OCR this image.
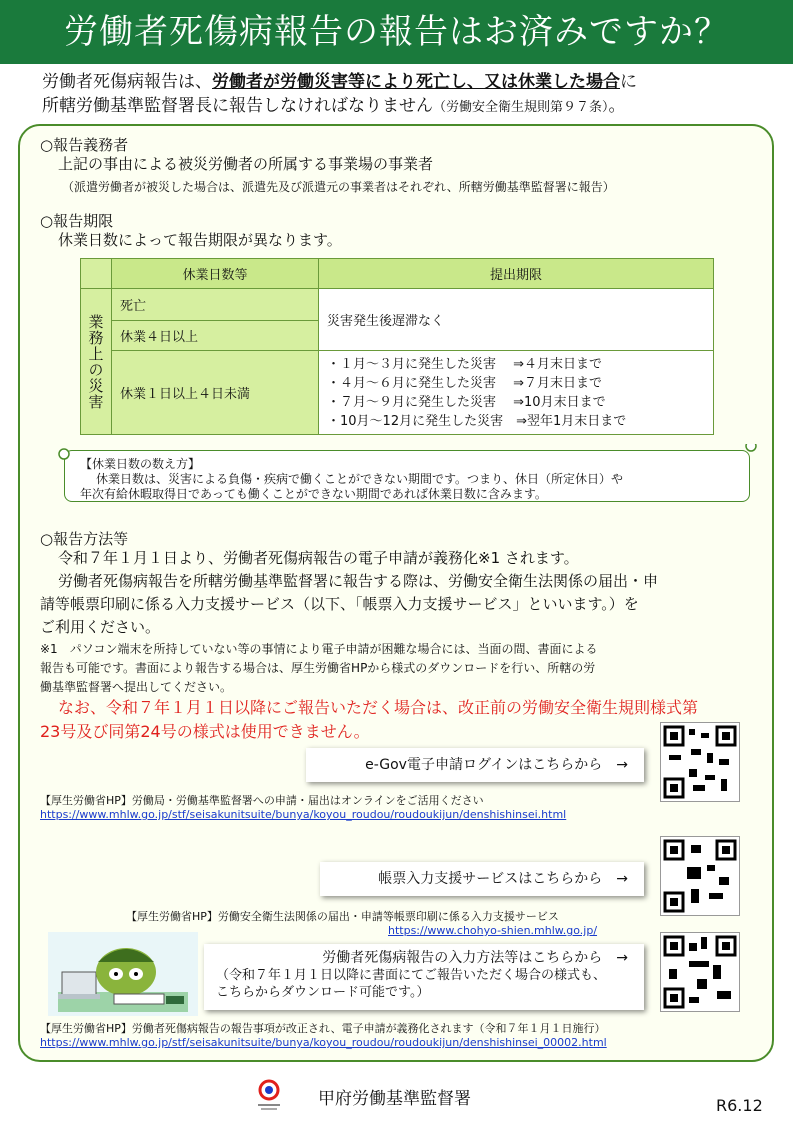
労働者死傷病報告の報告はお済みですか？
労働者死傷病報告は、労働者が労働災害等により死亡し、又は休業した場合に
所轄労働基準監督署長に報告しなければなりません（労働安全衛生規則第９７条）。
○報告義務者
上記の事由による被災労働者の所属する事業場の事業者
（派遣労働者が被災した場合は、派遣先及び派遣元の事業者はそれぞれ、所轄労働基準監督署に報告）
○報告期限
休業日数によって報告期限が異なります。
	休業日数等	提出期限
業務上の災害	死亡	災害発生後遅滞なく
	休業４日以上	
	休業１日以上４日未満	・１月～３月に発生した災害　 ⇒４月末日まで
・４月～６月に発生した災害　 ⇒７月末日まで
・７月～９月に発生した災害　 ⇒10月末日まで
・10月～12月に発生した災害　⇒翌年1月末日まで
【休業日数の数え方】
休業日数は、災害による負傷・疾病で働くことができない期間です。つまり、休日（所定休日）や
年次有給休暇取得日であっても働くことができない期間であれば休業日数に含みます。
○報告方法等
令和７年１月１日より、労働者死傷病報告の電子申請が義務化※1 されます。
労働者死傷病報告を所轄労働基準監督署に報告する際は、労働安全衛生法関係の届出・申
請等帳票印刷に係る入力支援サービス（以下、「帳票入力支援サービス」といいます。）を
ご利用ください。
※1　パソコン端末を所持していない等の事情により電子申請が困難な場合には、当面の間、書面による
報告も可能です。書面により報告する場合は、厚生労働省HPから様式のダウンロードを行い、所轄の労
働基準監督署へ提出してください。
なお、令和７年１月１日以降にご報告いただく場合は、改正前の労働安全衛生規則様式第
23号及び同第24号の様式は使用できません。
e-Gov電子申請ログインはこちらから　→
【厚生労働省HP】労働局・労働基準監督署への申請・届出はオンラインをご活用ください
https://www.mhlw.go.jp/stf/seisakunitsuite/bunya/koyou_roudou/roudoukijun/denshishinsei.html
帳票入力支援サービスはこちらから　→
【厚生労働省HP】労働安全衛生法関係の届出・申請等帳票印刷に係る入力支援サービス
https://www.chohyo-shien.mhlw.go.jp/
労働者死傷病報告の入力方法等はこちらから　→
（令和７年１月１日以降に書面にてご報告いただく場合の様式も、
こちらからダウンロード可能です。）
【厚生労働省HP】労働者死傷病報告の報告事項が改正され、電子申請が義務化されます（令和７年１月１日施行）
https://www.mhlw.go.jp/stf/seisakunitsuite/bunya/koyou_roudou/roudoukijun/denshishinsei_00002.html
甲府労働基準監督署	R6.12
